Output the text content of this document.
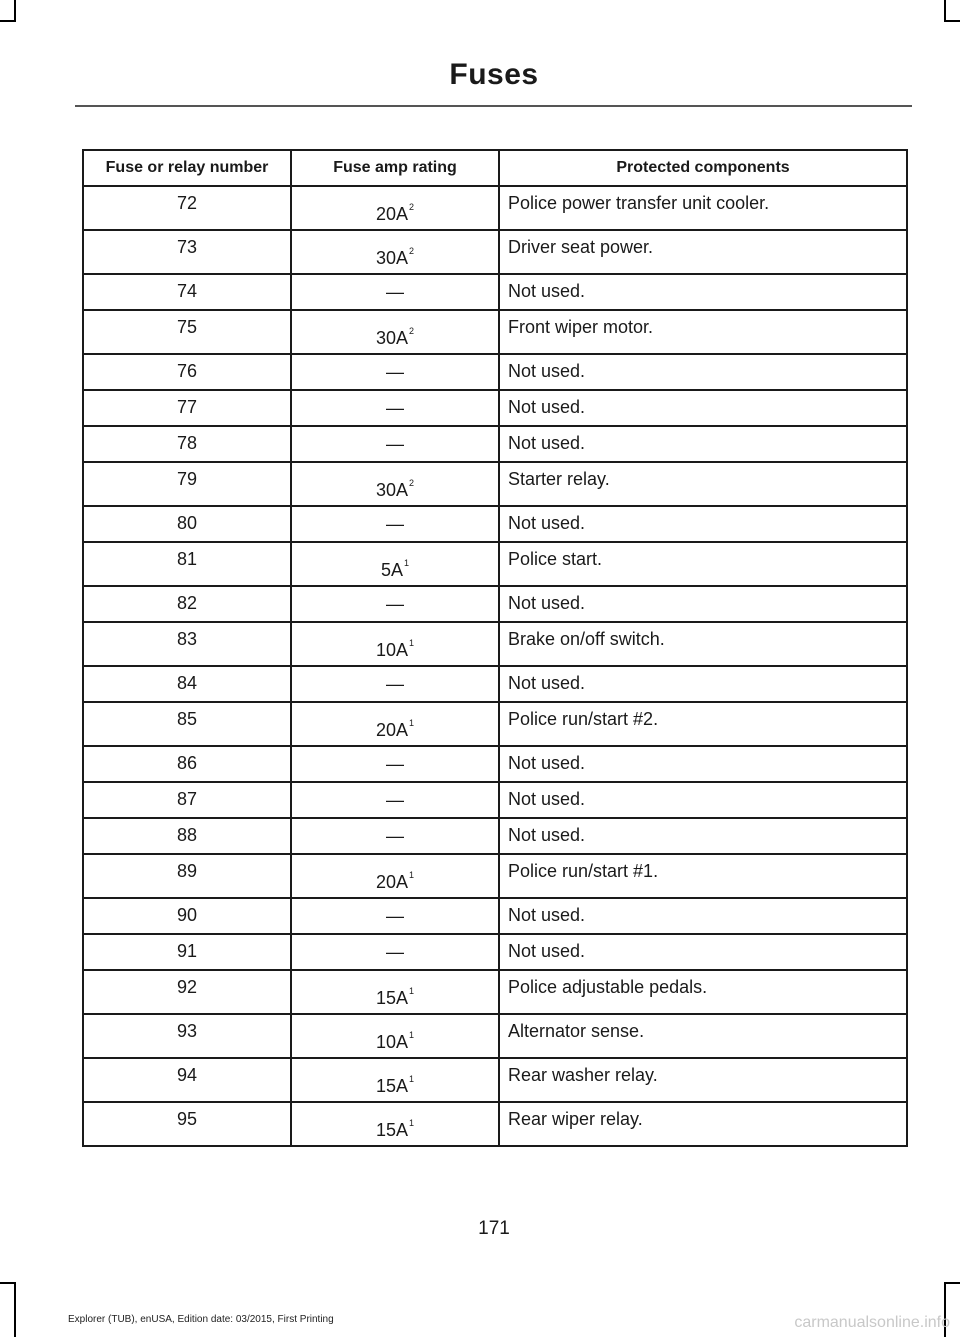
Fuses
Fuse or relay number	Fuse amp rating	Protected components
72	20A$^2$	Police power transfer unit cooler.
73	30A$^2$	Driver seat power.
74	—	Not used.
75	30A$^2$	Front wiper motor.
76	—	Not used.
77	—	Not used.
78	—	Not used.
79	30A$^2$	Starter relay.
80	—	Not used.
81	5A$^1$	Police start.
82	—	Not used.
83	10A$^1$	Brake on/off switch.
84	—	Not used.
85	20A$^1$	Police run/start #2.
86	—	Not used.
87	—	Not used.
88	—	Not used.
89	20A$^1$	Police run/start #1.
90	—	Not used.
91	—	Not used.
92	15A$^1$	Police adjustable pedals.
93	10A$^1$	Alternator sense.
94	15A$^1$	Rear washer relay.
95	15A$^1$	Rear wiper relay.
171
Explorer (TUB), enUSA, Edition date: 03/2015, First Printing	carmanualsonline.info
